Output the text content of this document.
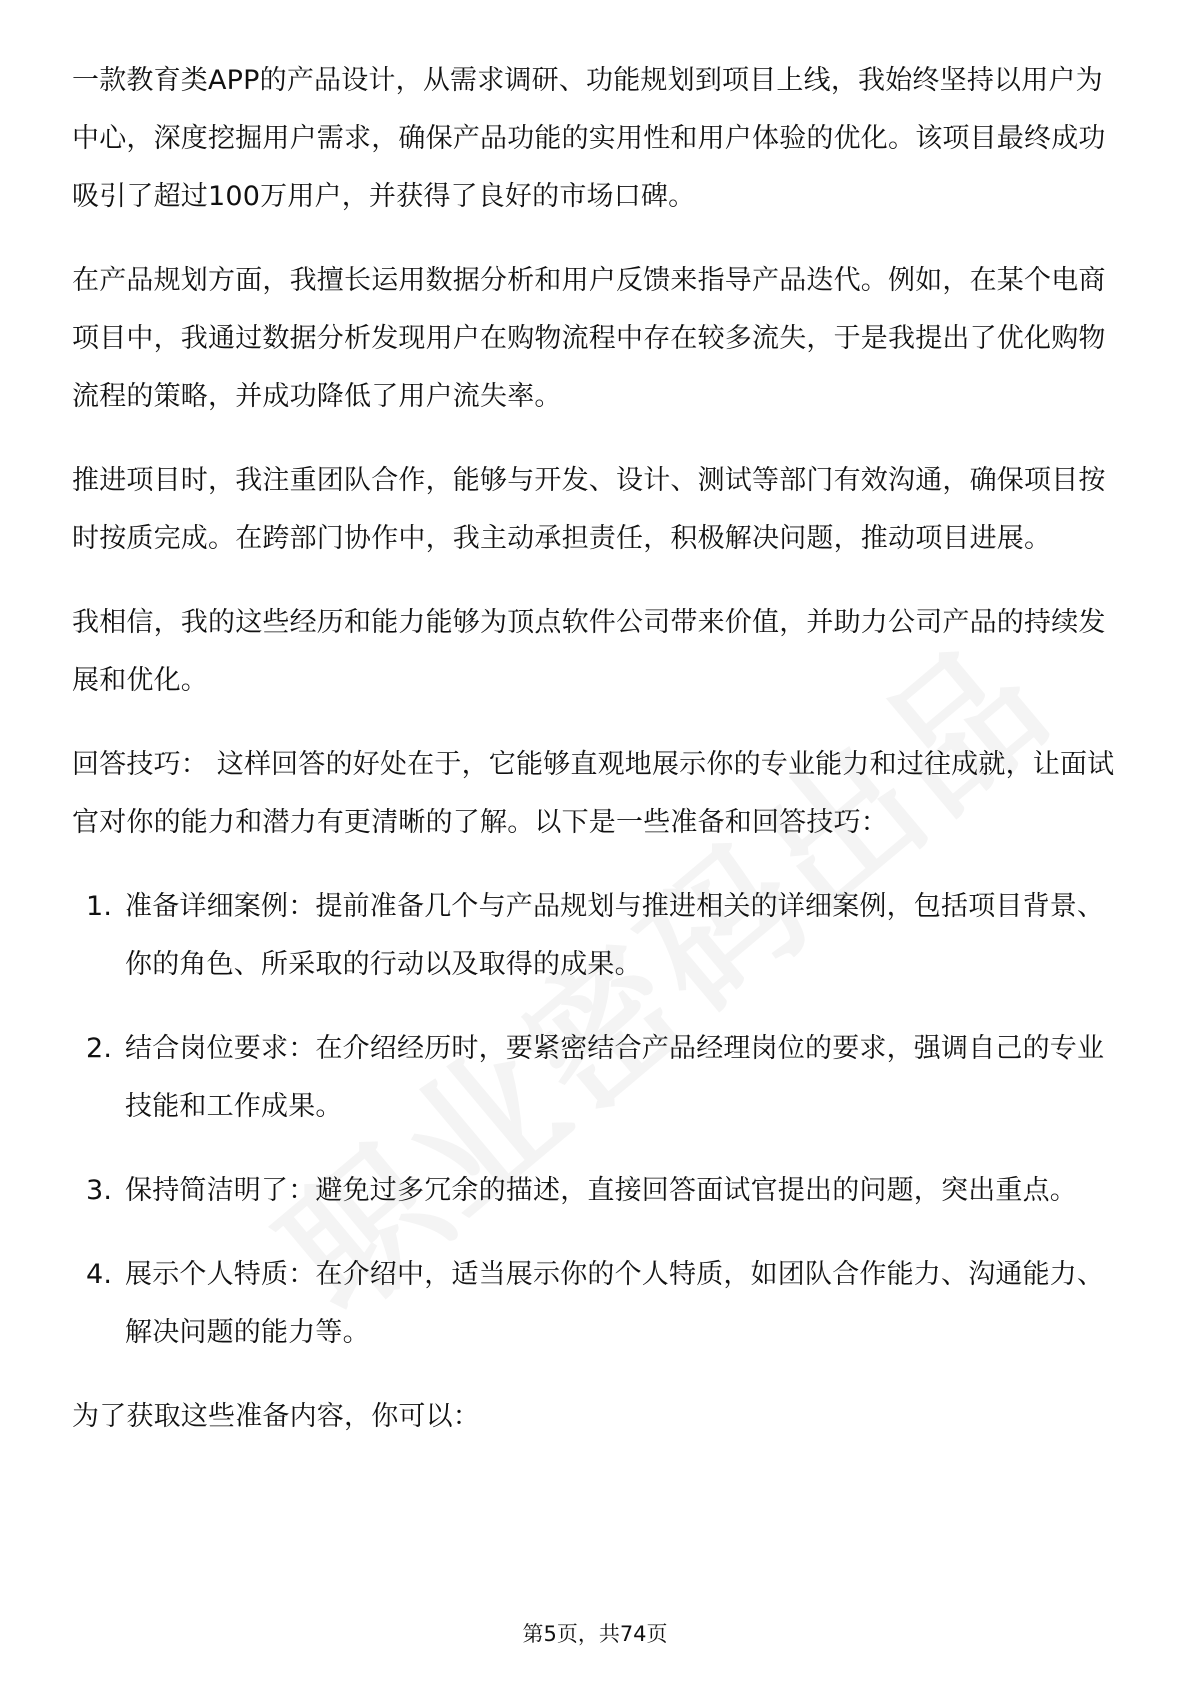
一款教育类APP的产品设计，从需求调研、功能规划到项目上线，我始终坚持以用户为中心，深度挖掘用户需求，确保产品功能的实用性和用户体验的优化。该项目最终成功吸引了超过100万用户，并获得了良好的市场口碑。

在产品规划方面，我擅长运用数据分析和用户反馈来指导产品迭代。例如，在某个电商项目中，我通过数据分析发现用户在购物流程中存在较多流失，于是我提出了优化购物流程的策略，并成功降低了用户流失率。

推进项目时，我注重团队合作，能够与开发、设计、测试等部门有效沟通，确保项目按时按质完成。在跨部门协作中，我主动承担责任，积极解决问题，推动项目进展。

我相信，我的这些经历和能力能够为顶点软件公司带来价值，并助力公司产品的持续发展和优化。

回答技巧： 这样回答的好处在于，它能够直观地展示你的专业能力和过往成就，让面试官对你的能力和潜力有更清晰的了解。以下是一些准备和回答技巧：

1. 准备详细案例：提前准备几个与产品规划与推进相关的详细案例，包括项目背景、你的角色、所采取的行动以及取得的成果。
2. 结合岗位要求：在介绍经历时，要紧密结合产品经理岗位的要求，强调自己的专业技能和工作成果。
3. 保持简洁明了：避免过多冗余的描述，直接回答面试官提出的问题，突出重点。
4. 展示个人特质：在介绍中，适当展示你的个人特质，如团队合作能力、沟通能力、解决问题的能力等。

为了获取这些准备内容，你可以：

第5页，共74页
